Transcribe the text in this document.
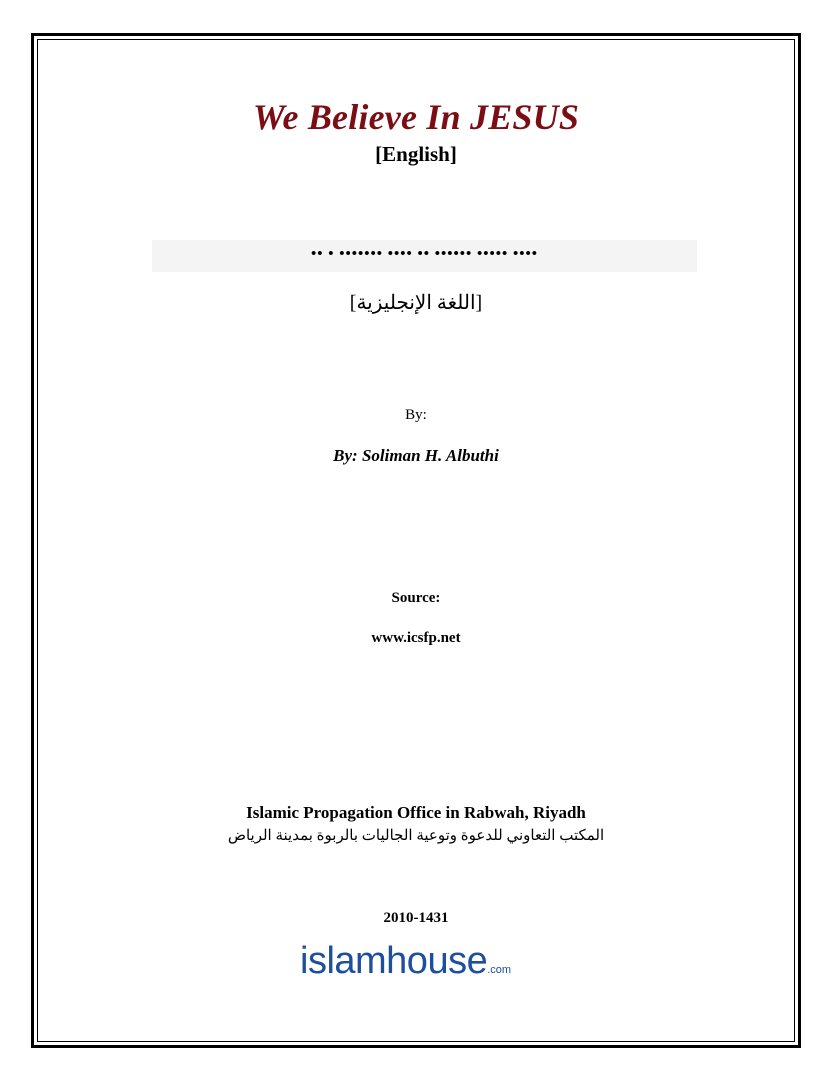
We Believe In JESUS
[English]
•• • ••••••• •••• •• •••••• ••••• ••••
[اللغة الإنجليزية]
By:
By: Soliman H. Albuthi
Source:
www.icsfp.net
Islamic Propagation Office in Rabwah, Riyadh
المكتب التعاوني للدعوة وتوعية الجاليات بالربوة بمدينة الرياض
2010-1431
islamhouse.com
